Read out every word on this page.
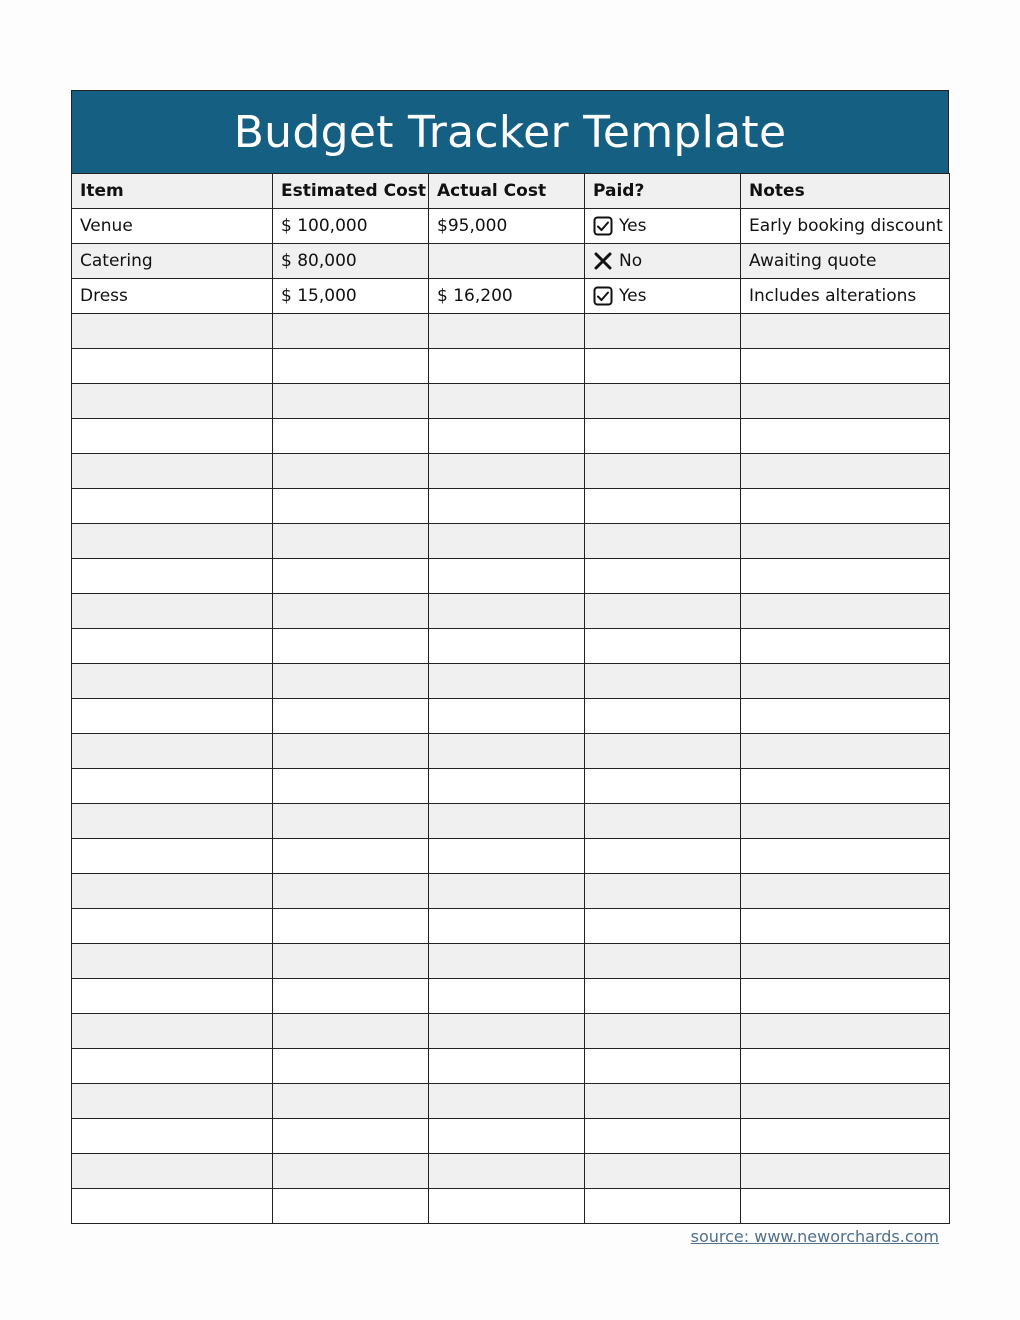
Budget Tracker Template
Item	Estimated Cost	Actual Cost	Paid?	Notes
Venue	$ 100,000	$95,000	Yes	Early booking discount
Catering	$ 80,000		No	Awaiting quote
Dress	$ 15,000	$ 16,200	Yes	Includes alterations

source: www.neworchards.com
